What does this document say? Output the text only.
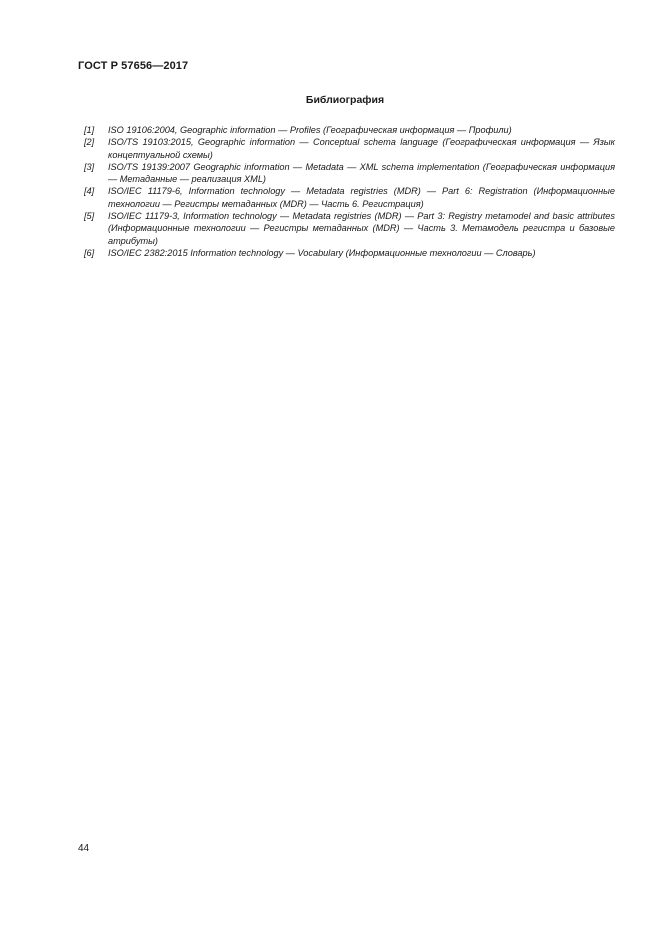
ГОСТ Р 57656—2017
Библиография
[1]	ISO 19106:2004, Geographic information — Profiles (Географическая информация — Профили)
[2]	ISO/TS 19103:2015, Geographic information — Conceptual schema language (Географическая информация — Язык концептуальной схемы)
[3]	ISO/TS 19139:2007 Geographic information — Metadata — XML schema implementation (Географическая информация — Метаданные — реализация XML)
[4]	ISO/IEC 11179-6, Information technology — Metadata registries (MDR) — Part 6: Registration (Информационные технологии — Регистры метаданных (MDR) — Часть 6. Регистрация)
[5]	ISO/IEC 11179-3, Information technology — Metadata registries (MDR) — Part 3: Registry metamodel and basic attributes (Информационные технологии — Регистры метаданных (MDR) — Часть 3. Метамодель регистра и базовые атрибуты)
[6]	ISO/IEC 2382:2015 Information technology — Vocabulary (Информационные технологии — Словарь)
44
